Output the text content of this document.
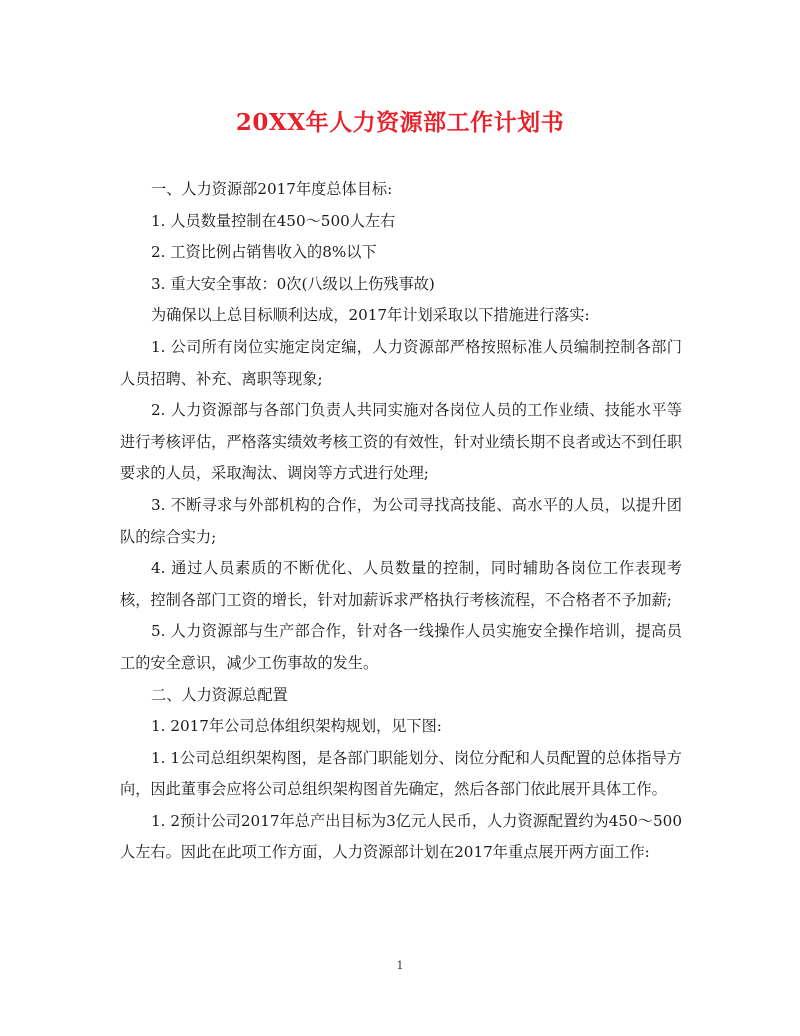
20XX年人力资源部工作计划书

一、人力资源部2017年度总体目标:

1. 人员数量控制在450～500人左右

2. 工资比例占销售收入的8%以下

3. 重大安全事故：0次(八级以上伤残事故)

为确保以上总目标顺利达成，2017年计划采取以下措施进行落实:

1. 公司所有岗位实施定岗定编，人力资源部严格按照标准人员编制控制各部门人员招聘、补充、离职等现象;

2. 人力资源部与各部门负责人共同实施对各岗位人员的工作业绩、技能水平等进行考核评估，严格落实绩效考核工资的有效性，针对业绩长期不良者或达不到任职要求的人员，采取淘汰、调岗等方式进行处理;

3. 不断寻求与外部机构的合作，为公司寻找高技能、高水平的人员，以提升团队的综合实力;

4. 通过人员素质的不断优化、人员数量的控制，同时辅助各岗位工作表现考核，控制各部门工资的增长，针对加薪诉求严格执行考核流程，不合格者不予加薪;

5. 人力资源部与生产部合作，针对各一线操作人员实施安全操作培训，提高员工的安全意识，减少工伤事故的发生。

二、人力资源总配置

1. 2017年公司总体组织架构规划，见下图:

1. 1公司总组织架构图，是各部门职能划分、岗位分配和人员配置的总体指导方向，因此董事会应将公司总组织架构图首先确定，然后各部门依此展开具体工作。

1. 2预计公司2017年总产出目标为3亿元人民币，人力资源配置约为450～500人左右。因此在此项工作方面，人力资源部计划在2017年重点展开两方面工作:

1
